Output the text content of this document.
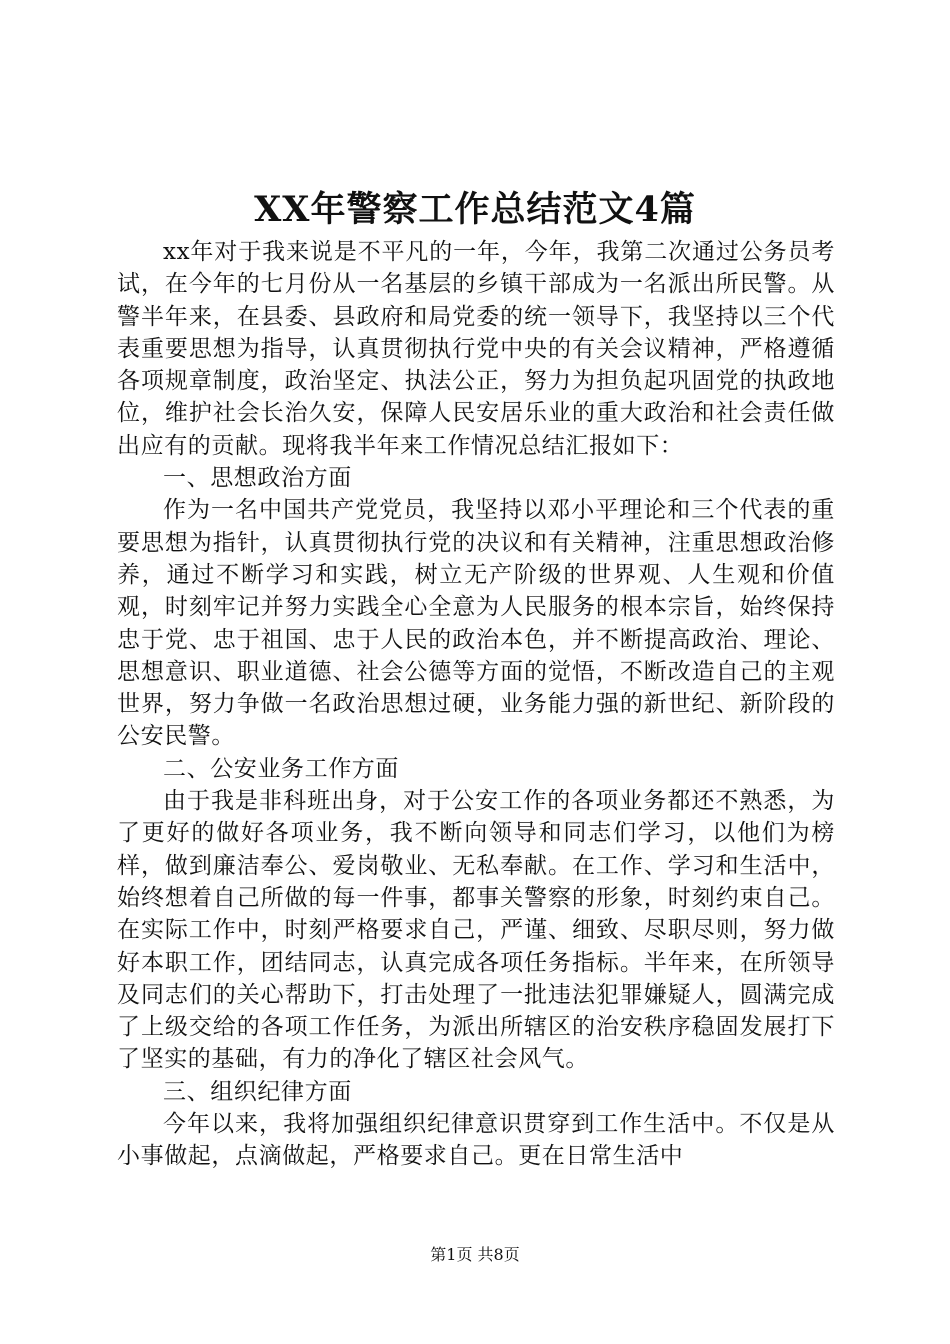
XX年警察工作总结范文4篇

xx年对于我来说是不平凡的一年，今年，我第二次通过公务员考试，在今年的七月份从一名基层的乡镇干部成为一名派出所民警。从警半年来，在县委、县政府和局党委的统一领导下，我坚持以三个代表重要思想为指导，认真贯彻执行党中央的有关会议精神，严格遵循各项规章制度，政治坚定、执法公正，努力为担负起巩固党的执政地位，维护社会长治久安，保障人民安居乐业的重大政治和社会责任做出应有的贡献。现将我半年来工作情况总结汇报如下：

一、思想政治方面

作为一名中国共产党党员，我坚持以邓小平理论和三个代表的重要思想为指针，认真贯彻执行党的决议和有关精神，注重思想政治修养，通过不断学习和实践，树立无产阶级的世界观、人生观和价值观，时刻牢记并努力实践全心全意为人民服务的根本宗旨，始终保持忠于党、忠于祖国、忠于人民的政治本色，并不断提高政治、理论、思想意识、职业道德、社会公德等方面的觉悟，不断改造自己的主观世界，努力争做一名政治思想过硬，业务能力强的新世纪、新阶段的公安民警。

二、公安业务工作方面

由于我是非科班出身，对于公安工作的各项业务都还不熟悉，为了更好的做好各项业务，我不断向领导和同志们学习，以他们为榜样，做到廉洁奉公、爱岗敬业、无私奉献。在工作、学习和生活中，始终想着自己所做的每一件事，都事关警察的形象，时刻约束自己。在实际工作中，时刻严格要求自己，严谨、细致、尽职尽则，努力做好本职工作，团结同志，认真完成各项任务指标。半年来，在所领导及同志们的关心帮助下，打击处理了一批违法犯罪嫌疑人，圆满完成了上级交给的各项工作任务，为派出所辖区的治安秩序稳固发展打下了坚实的基础，有力的净化了辖区社会风气。

三、组织纪律方面

今年以来，我将加强组织纪律意识贯穿到工作生活中。不仅是从小事做起，点滴做起，严格要求自己。更在日常生活中

第1页 共8页
